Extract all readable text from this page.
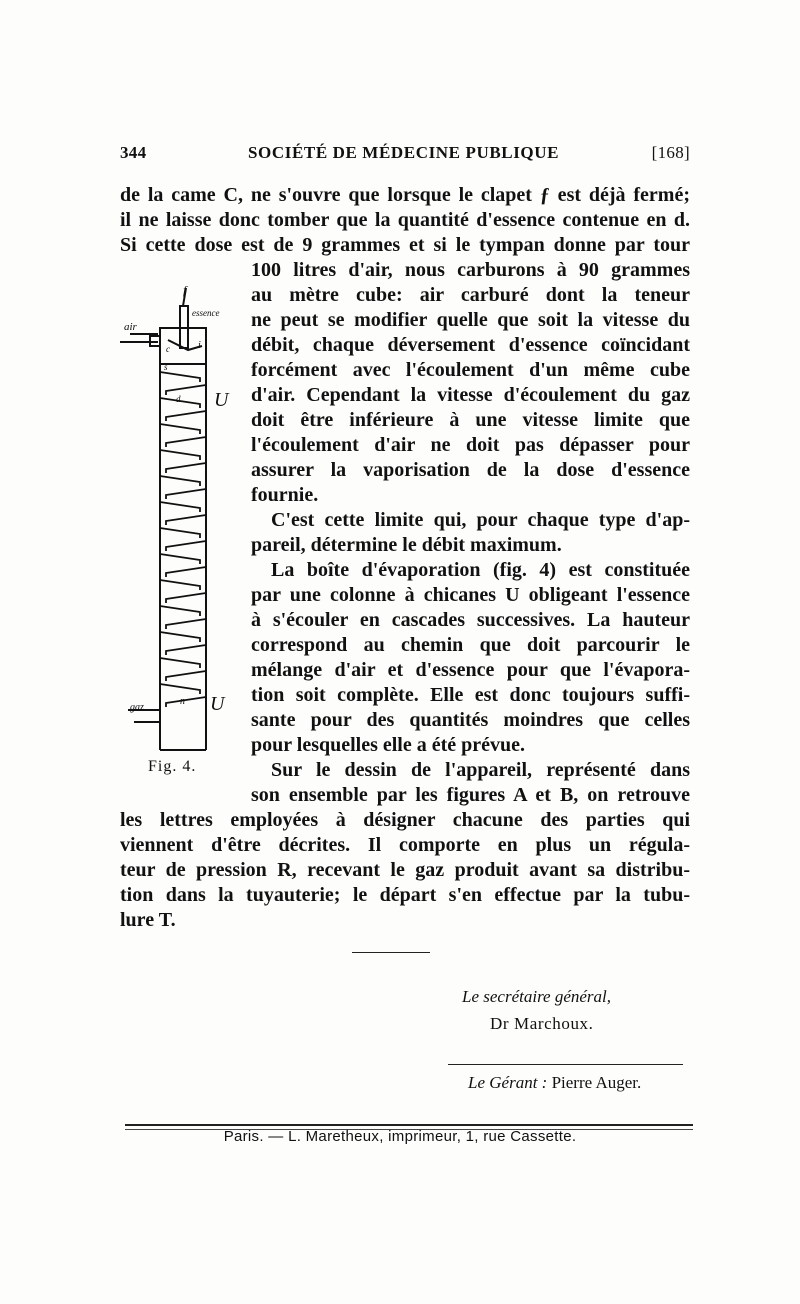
344	SOCIÉTÉ DE MÉDECINE PUBLIQUE	[168]
de la came C, ne s'ouvre que lorsque le clapet ƒ est déjà fermé;
il ne laisse donc tomber que la quantité d'essence contenue en d.
Si cette dose est de 9 grammes et si le tympan donne par tour
100 litres d'air, nous carburons à 90 grammes
au mètre cube: air carburé dont la teneur
ne peut se modifier quelle que soit la vitesse du
débit, chaque déversement d'essence coïncidant
forcément avec l'écoulement d'un même cube
d'air. Cependant la vitesse d'écoulement du gaz
doit être inférieure à une vitesse limite que
l'écoulement d'air ne doit pas dépasser pour
assurer la vaporisation de la dose d'essence
fournie.
C'est cette limite qui, pour chaque type d'ap-
pareil, détermine le débit maximum.
La boîte d'évaporation (fig. 4) est constituée
par une colonne à chicanes U obligeant l'essence
à s'écouler en cascades successives. La hauteur
correspond au chemin que doit parcourir le
mélange d'air et d'essence pour que l'évapora-
tion soit complète. Elle est donc toujours suffi-
sante pour des quantités moindres que celles
pour lesquelles elle a été prévue.
Sur le dessin de l'appareil, représenté dans
son ensemble par les figures A et B, on retrouve
les lettres employées à désigner chacune des parties qui
viennent d'être décrites. Il comporte en plus un régula-
teur de pression R, recevant le gaz produit avant sa distribu-
tion dans la tuyauterie; le départ s'en effectue par la tubu-
lure T.
f
essence
air
i
c
s
U
d
n U
gaz
Fig. 4.
Le secrétaire général,
Dr Marchoux.
Le Gérant : Pierre Auger.
Paris. — L. Maretheux, imprimeur, 1, rue Cassette.
